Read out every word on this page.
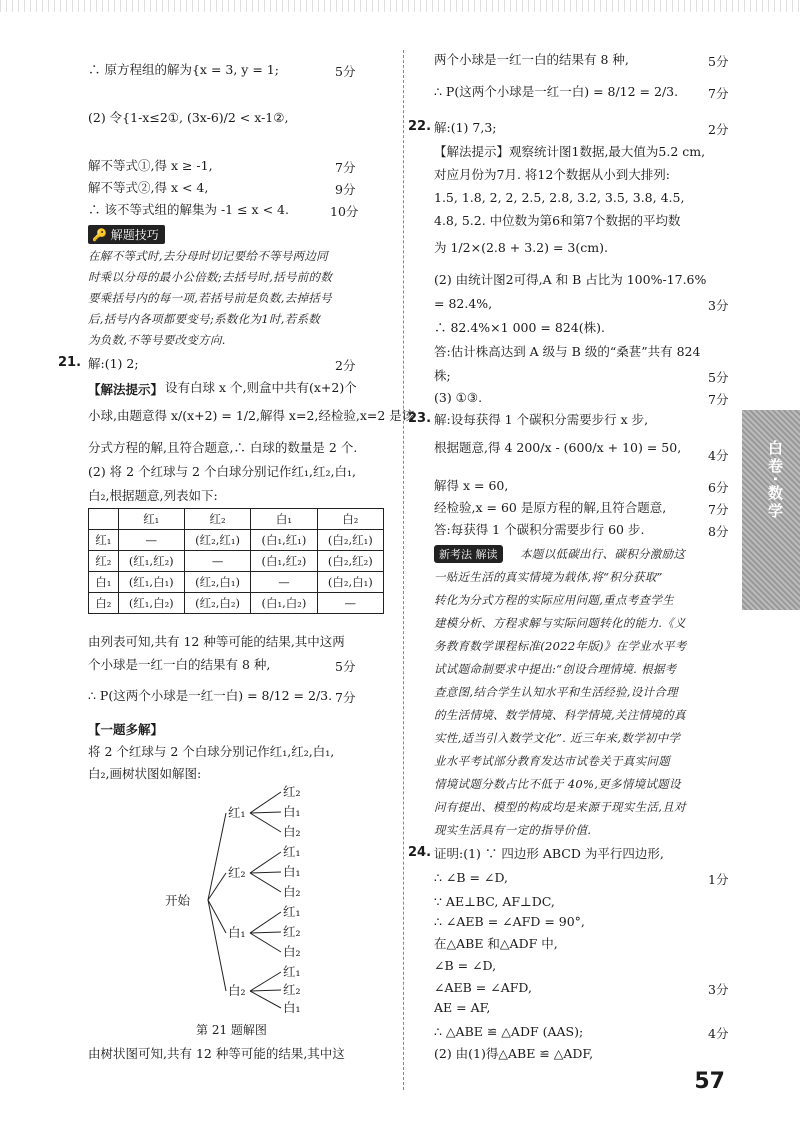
∴ 原方程组的解为{x = 3, y = 1;	5分
(2) 令{1-x≤2①, (3x-6)/2 < x-1②,
解不等式①,得 x ≥ -1,	7分
解不等式②,得 x < 4,	9分
∴ 该不等式组的解集为 -1 ≤ x < 4.	10分
🔑 解题技巧
在解不等式时,去分母时切记要给不等号两边同
时乘以分母的最小公倍数;去括号时,括号前的数
要乘括号内的每一项,若括号前是负数,去掉括号
后,括号内各项都要变号;系数化为1时,若系数
为负数,不等号要改变方向.
21. 解:(1) 2;	2分
【解法提示】 设有白球 x 个,则盒中共有(x+2)个
小球,由题意得 x/(x+2) = 1/2,解得 x=2,经检验,x=2 是该
分式方程的解,且符合题意,∴ 白球的数量是 2 个.
(2) 将 2 个红球与 2 个白球分别记作红₁,红₂,白₁,
白₂,根据题意,列表如下:
	红₁	红₂	白₁	白₂
红₁	—	(红₂,红₁)	(白₁,红₁)	(白₂,红₁)
红₂	(红₁,红₂)	—	(白₁,红₂)	(白₂,红₂)
白₁	(红₁,白₁)	(红₂,白₁)	—	(白₂,白₁)
白₂	(红₁,白₂)	(红₂,白₂)	(白₁,白₂)	—
由列表可知,共有 12 种等可能的结果,其中这两
个小球是一红一白的结果有 8 种,	5分
∴ P(这两个小球是一红一白) = 8/12 = 2/3. 7分
【一题多解】
将 2 个红球与 2 个白球分别记作红₁,红₂,白₁,
白₂,画树状图如解图:
开始
红₁
红₂
白₁
白₂
红₂
白₁
白₂
红₁
白₁
白₂
红₁
红₂
白₂
红₁
红₂
白₁
第 21 题解图
由树状图可知,共有 12 种等可能的结果,其中这
两个小球是一红一白的结果有 8 种,	5分
∴ P(这两个小球是一红一白) = 8/12 = 2/3. 7分
22. 解:(1) 7,3;	2分
【解法提示】观察统计图1数据,最大值为5.2 cm,
对应月份为7月. 将12个数据从小到大排列:
1.5, 1.8, 2, 2, 2.5, 2.8, 3.2, 3.5, 3.8, 4.5,
4.8, 5.2. 中位数为第6和第7个数据的平均数
为 1/2×(2.8 + 3.2) = 3(cm).
(2) 由统计图2可得,A 和 B 占比为 100%-17.6%
= 82.4%,	3分
∴ 82.4%×1 000 = 824(株).
答:估计株高达到 A 级与 B 级的“桑葚”共有 824
株;	5分
(3) ①③.	7分
23. 解:设每获得 1 个碳积分需要步行 x 步,
根据题意,得 4 200/x - (600/x + 10) = 50,
4分
解得 x = 60,	6分
经检验,x = 60 是原方程的解,且符合题意,	7分
答:每获得 1 个碳积分需要步行 60 步.	8分
新考法 解读	本题以低碳出行、碳积分激励这
一贴近生活的真实情境为载体,将“积分获取”
转化为分式方程的实际应用问题,重点考查学生
建模分析、方程求解与实际问题转化的能力.《义
务教育数学课程标准(2022年版)》在学业水平考
试试题命制要求中提出:“创设合理情境. 根据考
查意图,结合学生认知水平和生活经验,设计合理
的生活情境、数学情境、科学情境,关注情境的真
实性,适当引入数学文化”. 近三年来,数学初中学
业水平考试部分教育发达市试卷关于真实问题
情境试题分数占比不低于 40%,更多情境试题设
问有提出、模型的构成均是来源于现实生活,且对
现实生活具有一定的指导价值.
24. 证明:(1) ∵ 四边形 ABCD 为平行四边形,
∴ ∠B = ∠D,	1分
∵ AE⊥BC, AF⊥DC,
∴ ∠AEB = ∠AFD = 90°,
在△ABE 和△ADF 中,
∠B = ∠D,
∠AEB = ∠AFD,	3分
AE = AF,
∴ △ABE ≌ △ADF (AAS);	4分
(2) 由(1)得△ABE ≌ △ADF,
白卷·数学
57
